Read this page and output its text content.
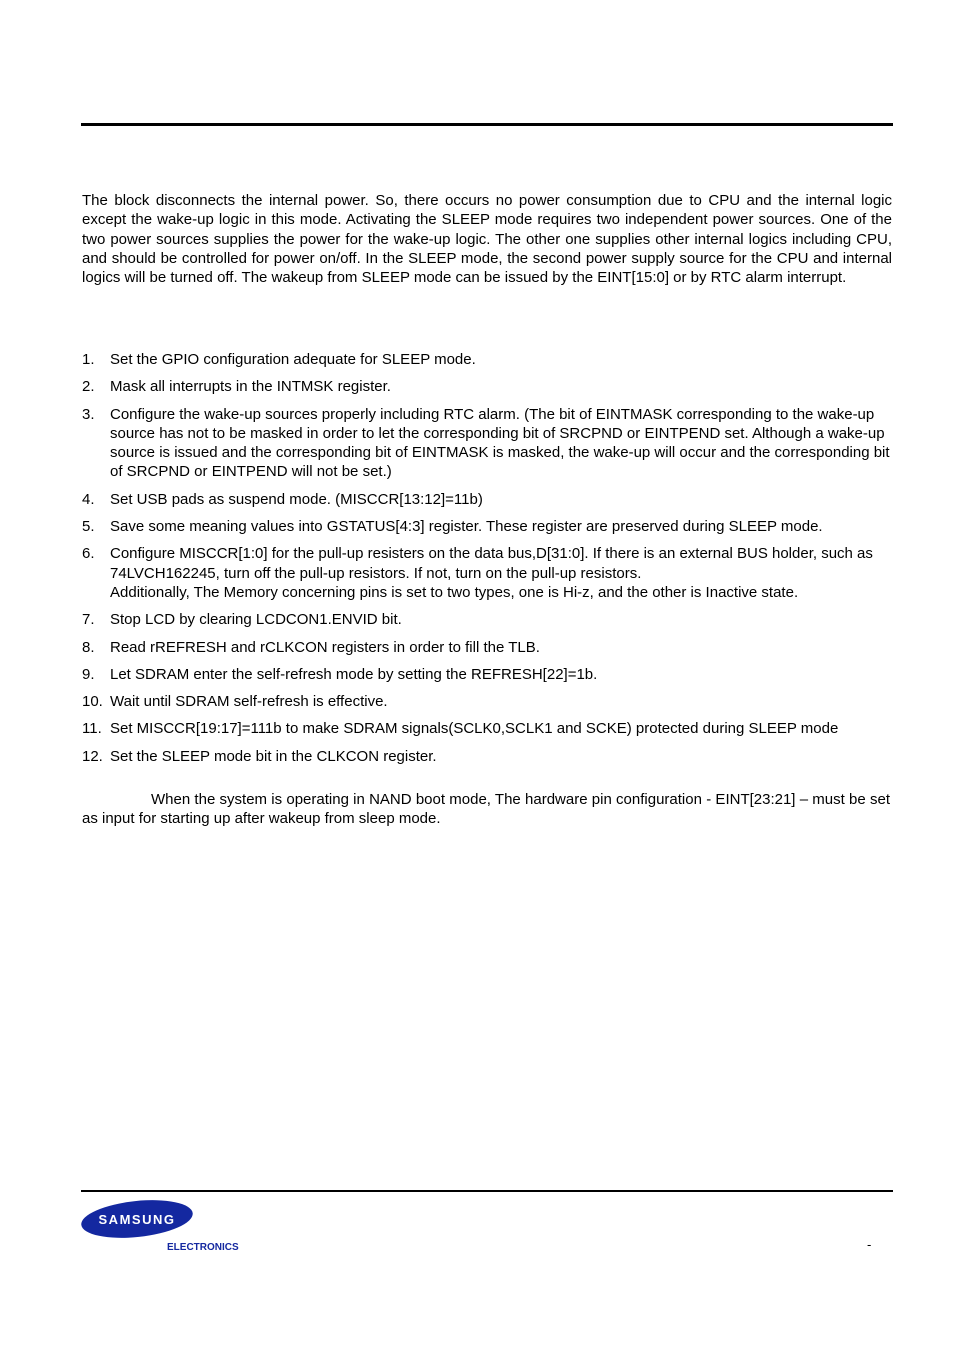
The block disconnects the internal power. So, there occurs no power consumption due to CPU and the internal logic except the wake-up logic in this mode. Activating the SLEEP mode requires two independent power sources. One of the two power sources supplies the power for the wake-up logic. The other one supplies other internal logics including CPU, and should be controlled for power on/off. In the SLEEP mode, the second power supply source for the CPU and internal logics will be turned off. The wakeup from SLEEP mode can be issued by the EINT[15:0] or by RTC alarm interrupt.

1.	Set the GPIO configuration adequate for SLEEP mode.
2.	Mask all interrupts in the INTMSK register.
3.	Configure the wake-up sources properly including RTC alarm. (The bit of EINTMASK corresponding to the wake-up source has not to be masked in order to let the corresponding bit of SRCPND or EINTPEND set. Although a wake-up source is issued and the corresponding bit of EINTMASK is masked, the wake-up will occur and the corresponding bit of SRCPND or EINTPEND will not be set.)
4.	Set USB pads as suspend mode. (MISCCR[13:12]=11b)
5.	Save some meaning values into GSTATUS[4:3] register. These register are preserved during SLEEP mode.
6.	Configure MISCCR[1:0] for the pull-up resisters on the data bus,D[31:0]. If there is an external BUS holder, such as 74LVCH162245, turn off the pull-up resistors. If not, turn on the pull-up resistors.
Additionally, The Memory concerning pins is set to two types, one is Hi-z, and the other is Inactive state.
7.	Stop LCD by clearing LCDCON1.ENVID bit.
8.	Read rREFRESH and rCLKCON registers in order to fill the TLB.
9.	Let SDRAM enter the self-refresh mode by setting the REFRESH[22]=1b.
10. Wait until SDRAM self-refresh is effective.
11. Set MISCCR[19:17]=111b to make SDRAM signals(SCLK0,SCLK1 and SCKE) protected during SLEEP mode
12. Set the SLEEP mode bit in the CLKCON register.

When the system is operating in NAND boot mode, The hardware pin configuration - EINT[23:21] – must be set as input for starting up after wakeup from sleep mode.

SAMSUNG
ELECTRONICS	-
